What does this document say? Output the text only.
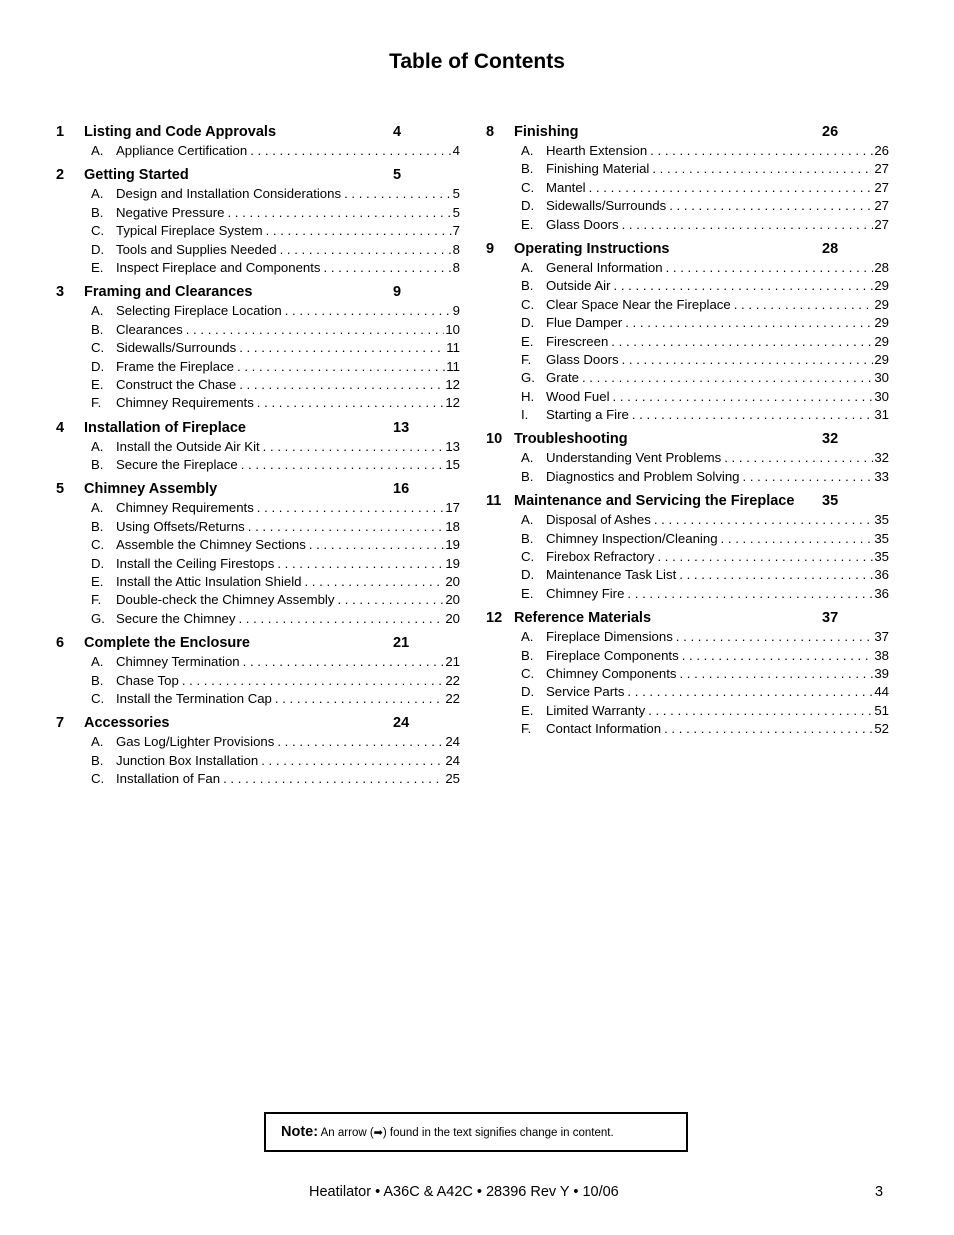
Table of Contents
1 Listing and Code Approvals	4
A. Appliance Certification . . .	4
2 Getting Started	5
A. Design and Installation Considerations . . .	5
B. Negative Pressure . . .	5
C. Typical Fireplace System . . .	7
D. Tools and Supplies Needed . . .	8
E. Inspect Fireplace and Components . . .	8
3 Framing and Clearances	9
A. Selecting Fireplace Location . . .	9
B. Clearances . . .	10
C. Sidewalls/Surrounds . . .	11
D. Frame the Fireplace . . .	11
E. Construct the Chase . . .	12
F. Chimney Requirements . . .	12
4 Installation of Fireplace	13
A. Install the Outside Air Kit . . .	13
B. Secure the Fireplace . . .	15
5 Chimney Assembly	16
A. Chimney Requirements . . .	17
B. Using Offsets/Returns . . .	18
C. Assemble the Chimney Sections . . .	19
D. Install the Ceiling Firestops . . .	19
E. Install the Attic Insulation Shield . . .	20
F. Double-check the Chimney Assembly . . .	20
G. Secure the Chimney . . .	20
6 Complete the Enclosure	21
A. Chimney Termination . . .	21
B. Chase Top . . .	22
C. Install the Termination Cap . . .	22
7 Accessories	24
A. Gas Log/Lighter Provisions . . .	24
B. Junction Box Installation . . .	24
C. Installation of Fan . . .	25
8 Finishing	26
A. Hearth Extension . . .	26
B. Finishing Material . . .	27
C. Mantel . . .	27
D. Sidewalls/Surrounds . . .	27
E. Glass Doors . . .	27
9 Operating Instructions	28
A. General Information . . .	28
B. Outside Air . . .	29
C. Clear Space Near the Fireplace . . .	29
D. Flue Damper . . .	29
E. Firescreen . . .	29
F. Glass Doors . . .	29
G. Grate . . .	30
H. Wood Fuel . . .	30
I. Starting a Fire . . .	31
10 Troubleshooting	32
A. Understanding Vent Problems . . .	32
B. Diagnostics and Problem Solving . . .	33
11 Maintenance and Servicing the Fireplace 35
A. Disposal of Ashes . . .	35
B. Chimney Inspection/Cleaning . . .	35
C. Firebox Refractory . . .	35
D. Maintenance Task List . . .	36
E. Chimney Fire . . .	36
12 Reference Materials	37
A. Fireplace Dimensions . . .	37
B. Fireplace Components . . .	38
C. Chimney Components . . .	39
D. Service Parts . . .	44
E. Limited Warranty . . .	51
F. Contact Information . . .	52
Note: An arrow (➡) found in the text signifies change in content.
Heatilator • A36C & A42C • 28396 Rev Y • 10/06	3
